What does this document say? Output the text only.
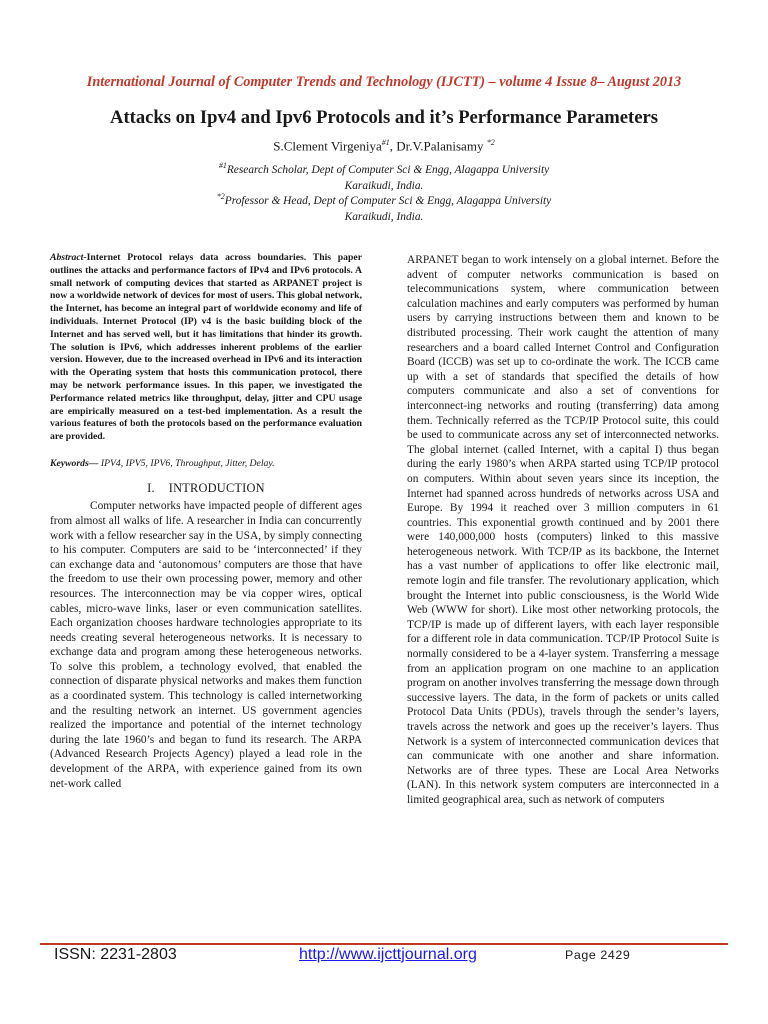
International Journal of Computer Trends and Technology (IJCTT) – volume 4 Issue 8– August 2013
Attacks on Ipv4 and Ipv6 Protocols and it’s Performance Parameters
S.Clement Virgeniya$^{\#1}$, Dr.V.Palanisamy $^{*2}$
$^{\#1}$Research Scholar, Dept of Computer Sci & Engg, Alagappa University
Karaikudi, India.
$^{*2}$Professor & Head, Dept of Computer Sci & Engg, Alagappa University
Karaikudi, India.

Abstract-Internet Protocol relays data across boundaries. This paper outlines the attacks and performance factors of IPv4 and IPv6 protocols. A small network of computing devices that started as ARPANET project is now a worldwide network of devices for most of users. This global network, the Internet, has become an integral part of worldwide economy and life of individuals. Internet Protocol (IP) v4 is the basic building block of the Internet and has served well, but it has limitations that hinder its growth. The solution is IPv6, which addresses inherent problems of the earlier version. However, due to the increased overhead in IPv6 and its interaction with the Operating system that hosts this communication protocol, there may be network performance issues. In this paper, we investigated the Performance related metrics like throughput, delay, jitter and CPU usage are empirically measured on a test-bed implementation. As a result the various features of both the protocols based on the performance evaluation are provided.

Keywords— IPV4, IPV5, IPV6, Throughput, Jitter, Delay.

I. INTRODUCTION

Computer networks have impacted people of different ages from almost all walks of life. A researcher in India can concurrently work with a fellow researcher say in the USA, by simply connecting to his computer. Computers are said to be ‘interconnected’ if they can exchange data and ‘autonomous’ computers are those that have the freedom to use their own processing power, memory and other resources. The interconnection may be via copper wires, optical cables, micro-wave links, laser or even communication satellites. Each organization chooses hardware technologies appropriate to its needs creating several heterogeneous networks. It is necessary to exchange data and program among these heterogeneous networks. To solve this problem, a technology evolved, that enabled the connection of disparate physical networks and makes them function as a coordinated system. This technology is called internetworking and the resulting network an internet. US government agencies realized the importance and potential of the internet technology during the late 1960’s and began to fund its research. The ARPA (Advanced Research Projects Agency) played a lead role in the development of the ARPA, with experience gained from its own net-work called

ARPANET began to work intensely on a global internet. Before the advent of computer networks communication is based on telecommunications system, where communication between calculation machines and early computers was performed by human users by carrying instructions between them and known to be distributed processing. Their work caught the attention of many researchers and a board called Internet Control and Configuration Board (ICCB) was set up to co-ordinate the work. The ICCB came up with a set of standards that specified the details of how computers communicate and also a set of conventions for interconnect-ing networks and routing (transferring) data among them. Technically referred as the TCP/IP Protocol suite, this could be used to communicate across any set of interconnected networks. The global internet (called Internet, with a capital I) thus began during the early 1980’s when ARPA started using TCP/IP protocol on computers. Within about seven years since its inception, the Internet had spanned across hundreds of networks across USA and Europe. By 1994 it reached over 3 million computers in 61 countries. This exponential growth continued and by 2001 there were 140,000,000 hosts (computers) linked to this massive heterogeneous network. With TCP/IP as its backbone, the Internet has a vast number of applications to offer like electronic mail, remote login and file transfer. The revolutionary application, which brought the Internet into public consciousness, is the World Wide Web (WWW for short). Like most other networking protocols, the TCP/IP is made up of different layers, with each layer responsible for a different role in data communication. TCP/IP Protocol Suite is normally considered to be a 4-layer system. Transferring a message from an application program on one machine to an application program on another involves transferring the message down through successive layers. The data, in the form of packets or units called Protocol Data Units (PDUs), travels through the sender’s layers, travels across the network and goes up the receiver’s layers. Thus Network is a system of interconnected communication devices that can communicate with one another and share information. Networks are of three types. These are Local Area Networks (LAN). In this network system computers are interconnected in a limited geographical area, such as network of computers

ISSN: 2231-2803	http://www.ijcttjournal.org	Page 2429
